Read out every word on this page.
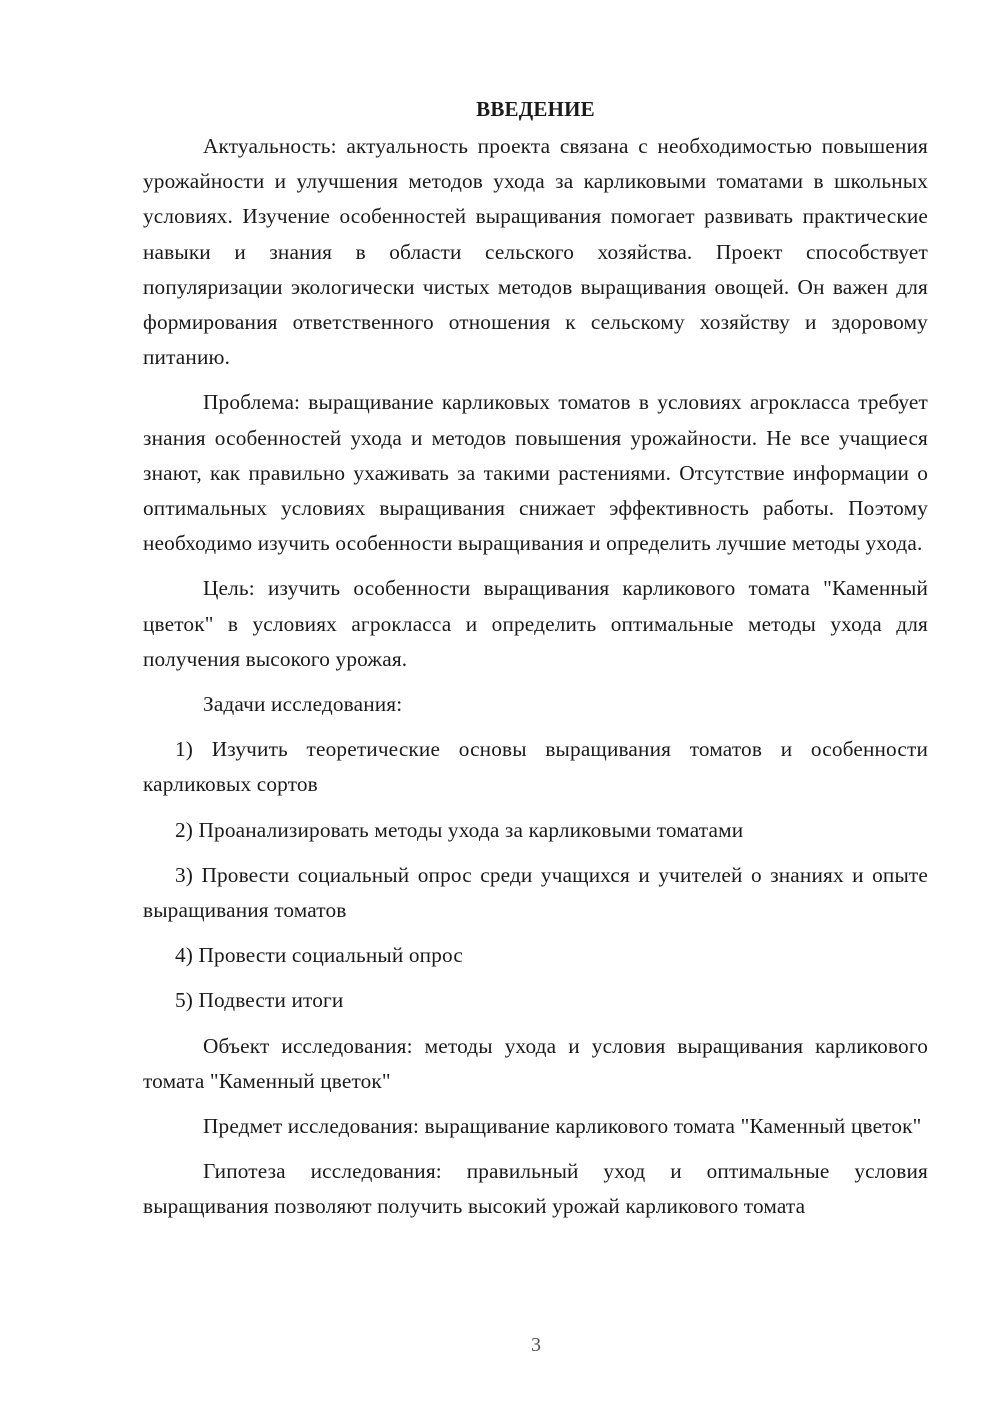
ВВЕДЕНИЕ

Актуальность: актуальность проекта связана с необходимостью повышения урожайности и улучшения методов ухода за карликовыми томатами в школьных условиях. Изучение особенностей выращивания помогает развивать практические навыки и знания в области сельского хозяйства. Проект способствует популяризации экологически чистых методов выращивания овощей. Он важен для формирования ответственного отношения к сельскому хозяйству и здоровому питанию.

Проблема: выращивание карликовых томатов в условиях агрокласса требует знания особенностей ухода и методов повышения урожайности. Не все учащиеся знают, как правильно ухаживать за такими растениями. Отсутствие информации о оптимальных условиях выращивания снижает эффективность работы. Поэтому необходимо изучить особенности выращивания и определить лучшие методы ухода.

Цель: изучить особенности выращивания карликового томата "Каменный цветок" в условиях агрокласса и определить оптимальные методы ухода для получения высокого урожая.

Задачи исследования:

1) Изучить теоретические основы выращивания томатов и особенности карликовых сортов

2) Проанализировать методы ухода за карликовыми томатами

3) Провести социальный опрос среди учащихся и учителей о знаниях и опыте выращивания томатов

4) Провести социальный опрос

5) Подвести итоги

Объект исследования: методы ухода и условия выращивания карликового томата "Каменный цветок"

Предмет исследования: выращивание карликового томата "Каменный цветок"

Гипотеза исследования: правильный уход и оптимальные условия выращивания позволяют получить высокий урожай карликового томата

3
